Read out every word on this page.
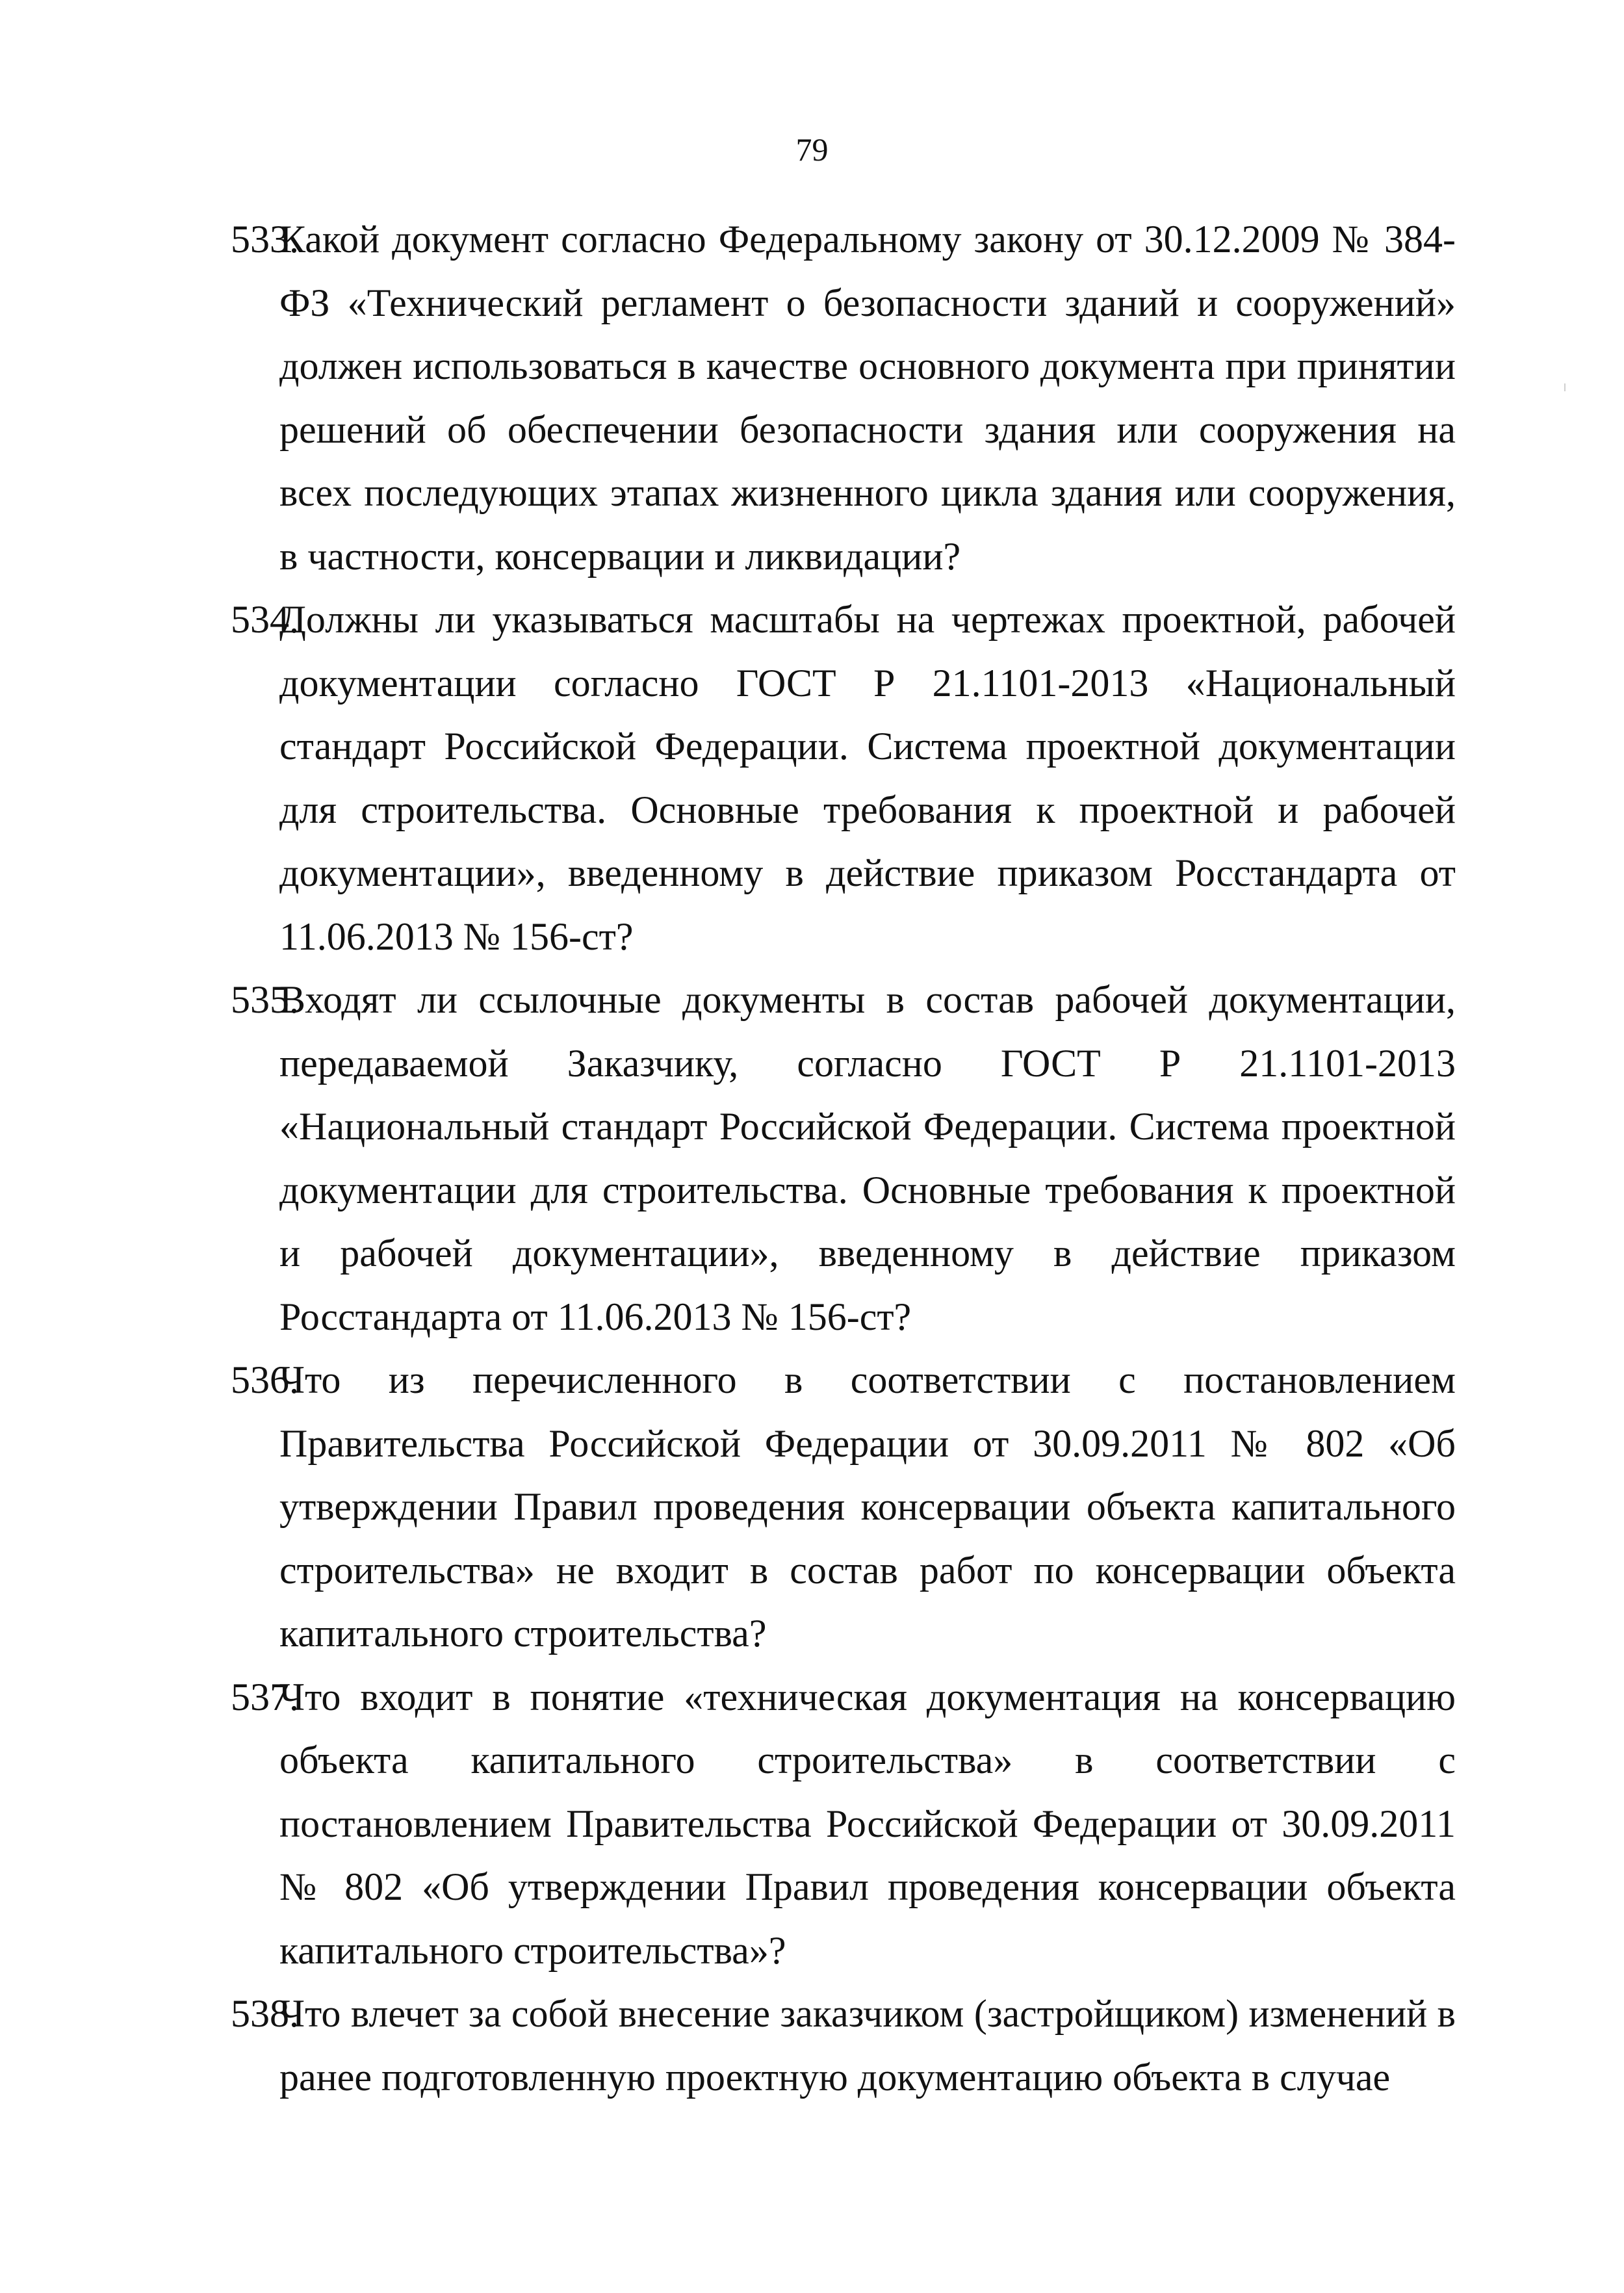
79
533.
Какой документ согласно Федеральному закону от 30.12.2009 № 384-ФЗ «Технический регламент о безопасности зданий и сооружений» должен использоваться в качестве основного документа при принятии решений об обеспечении безопасности здания или сооружения на всех последующих этапах жизненного цикла здания или сооружения, в частности, консервации и ликвидации?
534.
Должны ли указываться масштабы на чертежах проектной, рабочей документации согласно ГОСТ Р 21.1101-2013 «Национальный стандарт Российской Федерации. Система проектной документации для строительства. Основные требования к проектной и рабочей документации», введенному в действие приказом Росстандарта от 11.06.2013 № 156-ст?
535.
Входят ли ссылочные документы в состав рабочей документации, передаваемой Заказчику, согласно ГОСТ Р 21.1101-2013 «Национальный стандарт Российской Федерации. Система проектной документации для строительства. Основные требования к проектной и рабочей документации», введенному в действие приказом Росстандарта от 11.06.2013 № 156-ст?
536.
Что из перечисленного в соответствии с постановлением Правительства Российской Федерации от 30.09.2011 № 802 «Об утверждении Правил проведения консервации объекта капитального строительства» не входит в состав работ по консервации объекта капитального строительства?
537.
Что входит в понятие «техническая документация на консервацию объекта капитального строительства» в соответствии с постановлением Правительства Российской Федерации от 30.09.2011 № 802 «Об утверждении Правил проведения консервации объекта капитального строительства»?
538.
Что влечет за собой внесение заказчиком (застройщиком) изменений в ранее подготовленную проектную документацию объекта в случае
